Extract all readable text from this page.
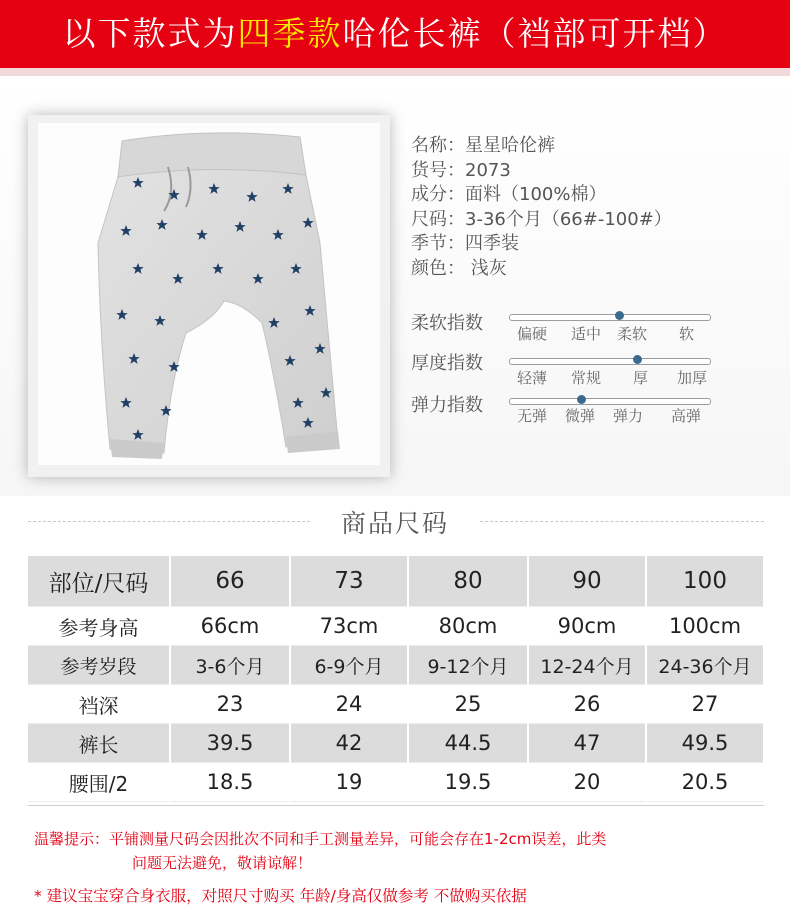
以下款式为四季款哈伦长裤（裆部可开档）
名称：星星哈伦裤
货号：2073
成分：面料（100%棉）
尺码：3-36个月（66#-100#）
季节：四季装
颜色： 浅灰
柔软指数 偏硬 适中 柔软 软
厚度指数
轻薄 常规 厚 加厚
弹力指数 无弹 微弹 弹力 高弹
商品尺码
部位/尺码	66	73	80	90	100
参考身高	66cm	73cm	80cm	90cm	100cm
参考岁段	3-6个月	6-9个月	9-12个月	12-24个月	24-36个月
裆深	23	24	25	26	27
裤长	39.5	42	44.5	47	49.5
腰围/2	18.5	19	19.5	20	20.5
温馨提示：平铺测量尺码会因批次不同和手工测量差异，可能会存在1-2cm误差，此类
问题无法避免，敬请谅解！
* 建议宝宝穿合身衣服，对照尺寸购买 年龄/身高仅做参考 不做购买依据
